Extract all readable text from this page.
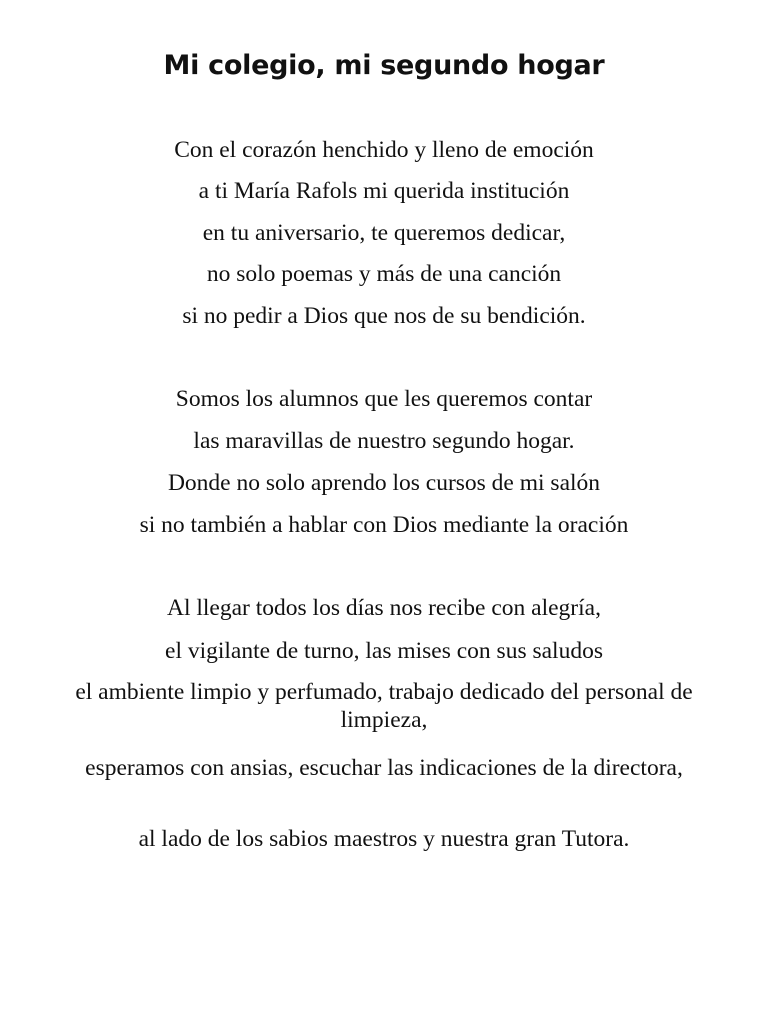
Mi colegio, mi segundo hogar
Con el corazón henchido y lleno de emoción
a ti María Rafols mi querida institución
en tu aniversario, te queremos dedicar,
no solo poemas y más de una canción
si no pedir a Dios que nos de su bendición.
Somos los alumnos que les queremos contar
las maravillas de nuestro segundo hogar.
Donde no solo aprendo los cursos de mi salón
si no también a hablar con Dios mediante la oración
Al llegar todos los días nos recibe con alegría,
el vigilante de turno, las mises con sus saludos
el ambiente limpio y perfumado, trabajo dedicado del personal de limpieza,
esperamos con ansias, escuchar las indicaciones de la directora,
al lado de los sabios maestros y nuestra gran Tutora.
